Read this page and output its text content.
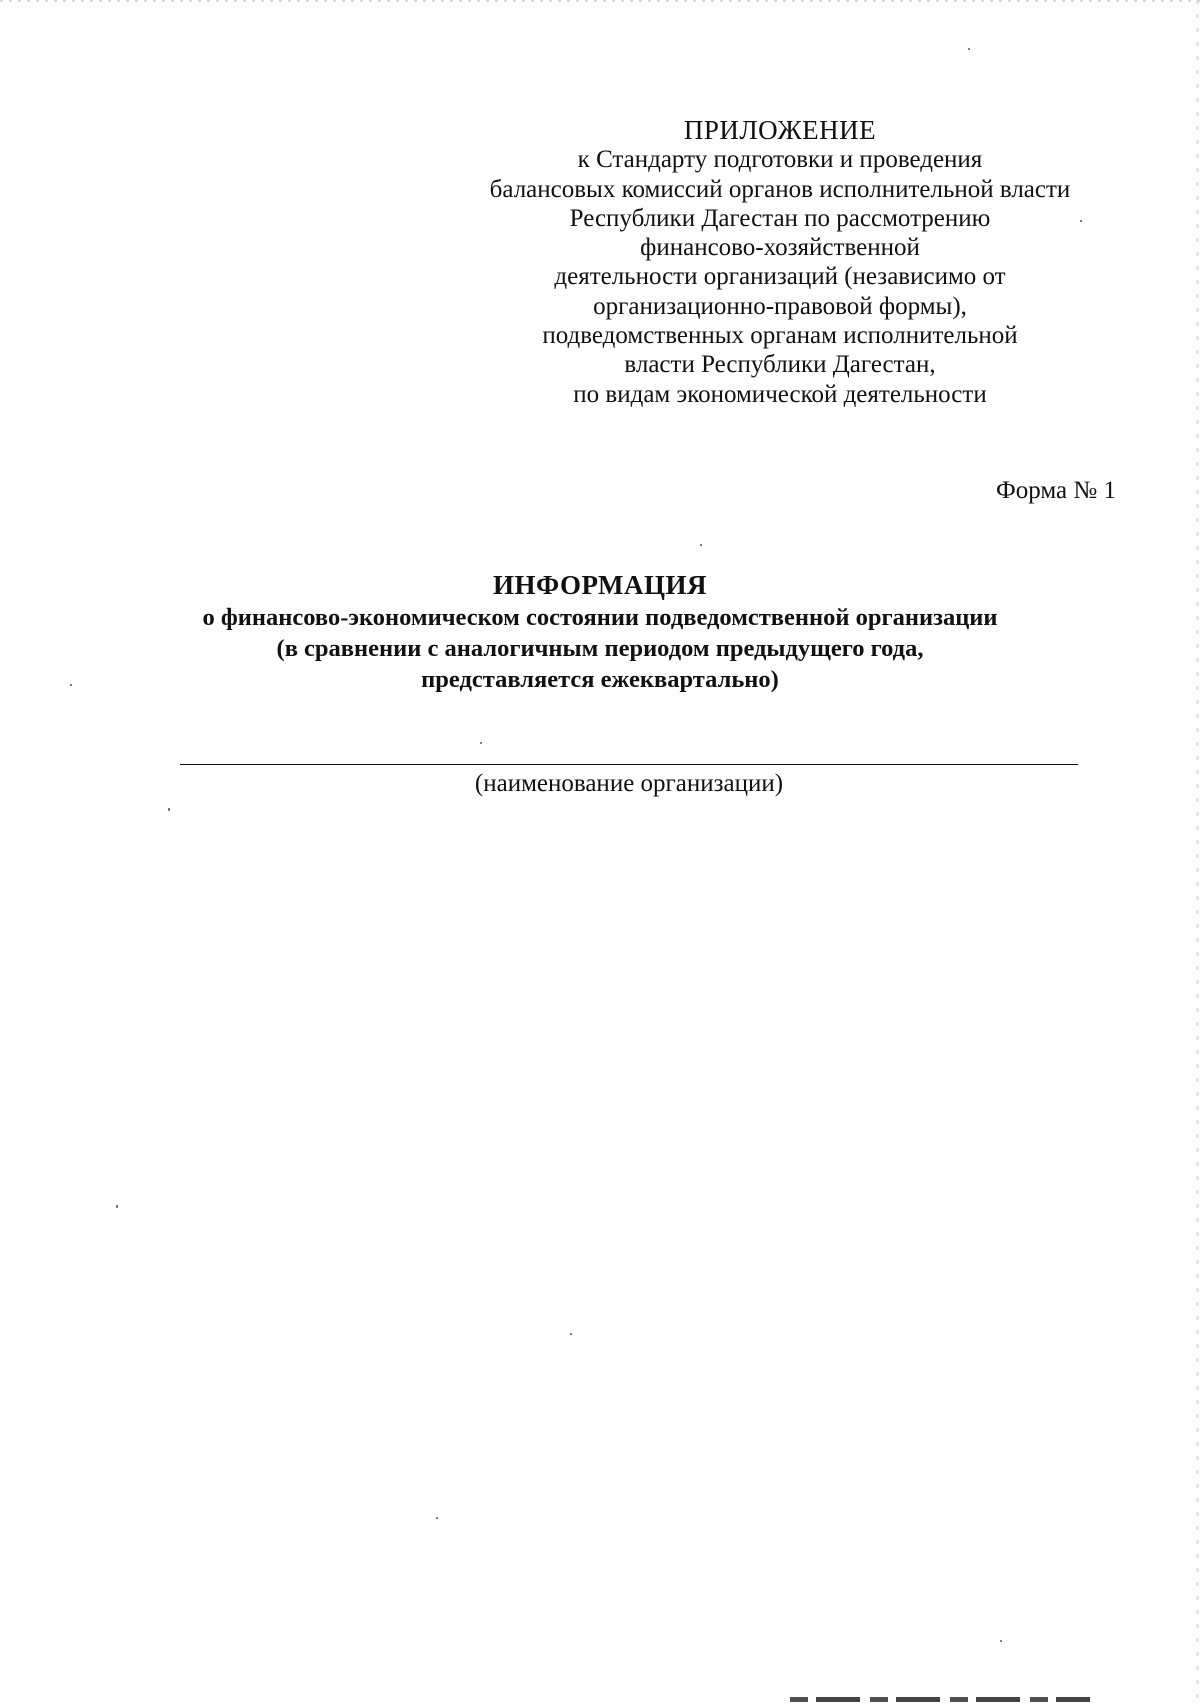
ПРИЛОЖЕНИЕ
к Стандарту подготовки и проведения
балансовых комиссий органов исполнительной власти
Республики Дагестан по рассмотрению
финансово-хозяйственной
деятельности организаций (независимо от
организационно-правовой формы),
подведомственных органам исполнительной
власти Республики Дагестан,
по видам экономической деятельности
Форма № 1
ИНФОРМАЦИЯ
о финансово-экономическом состоянии подведомственной организации
(в сравнении с аналогичным периодом предыдущего года,
представляется ежеквартально)
(наименование организации)
